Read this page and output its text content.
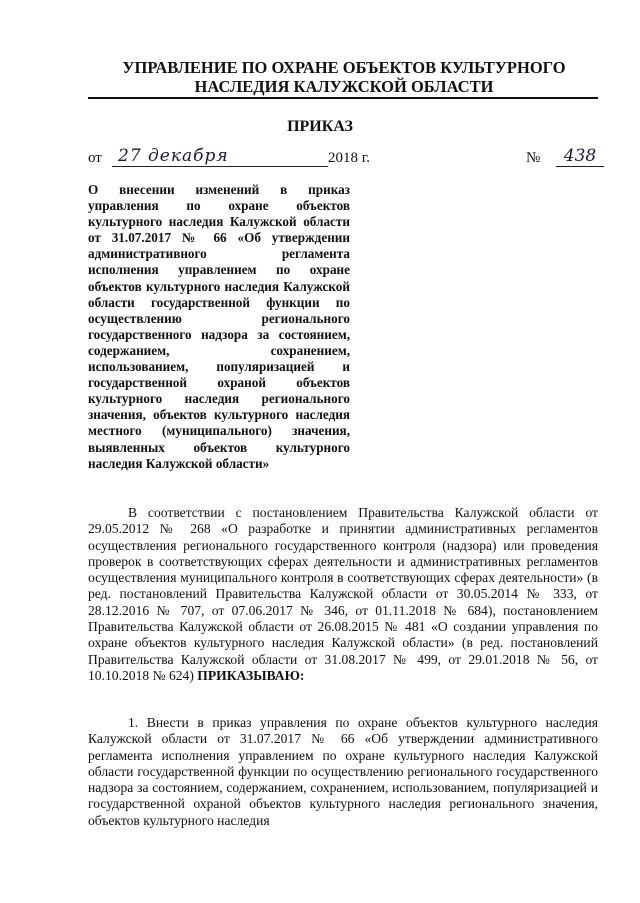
УПРАВЛЕНИЕ ПО ОХРАНЕ ОБЪЕКТОВ КУЛЬТУРНОГО
НАСЛЕДИЯ КАЛУЖСКОЙ ОБЛАСТИ
ПРИКАЗ
от 27 декабря	2018 г.	№	438
О внесении изменений в приказ управления по охране объектов культурного наследия Калужской области от 31.07.2017 № 66 «Об утверждении административного регламента исполнения управлением по охране объектов культурного наследия Калужской области государственной функции по осуществлению регионального государственного надзора за состоянием, содержанием, сохранением, использованием, популяризацией и государственной охраной объектов культурного наследия регионального значения, объектов культурного наследия местного (муниципального) значения, выявленных объектов культурного наследия Калужской области»
В соответствии с постановлением Правительства Калужской области от 29.05.2012 № 268 «О разработке и принятии административных регламентов осуществления регионального государственного контроля (надзора) или проведения проверок в соответствующих сферах деятельности и административных регламентов осуществления муниципального контроля в соответствующих сферах деятельности» (в ред. постановлений Правительства Калужской области от 30.05.2014 № 333, от 28.12.2016 № 707, от 07.06.2017 № 346, от 01.11.2018 № 684), постановлением Правительства Калужской области от 26.08.2015 № 481 «О создании управления по охране объектов культурного наследия Калужской области» (в ред. постановлений Правительства Калужской области от 31.08.2017 № 499, от 29.01.2018 № 56, от 10.10.2018 № 624) ПРИКАЗЫВАЮ:
1. Внести в приказ управления по охране объектов культурного наследия Калужской области от 31.07.2017 № 66 «Об утверждении административного регламента исполнения управлением по охране культурного наследия Калужской области государственной функции по осуществлению регионального государственного надзора за состоянием, содержанием, сохранением, использованием, популяризацией и государственной охраной объектов культурного наследия регионального значения, объектов культурного наследия
